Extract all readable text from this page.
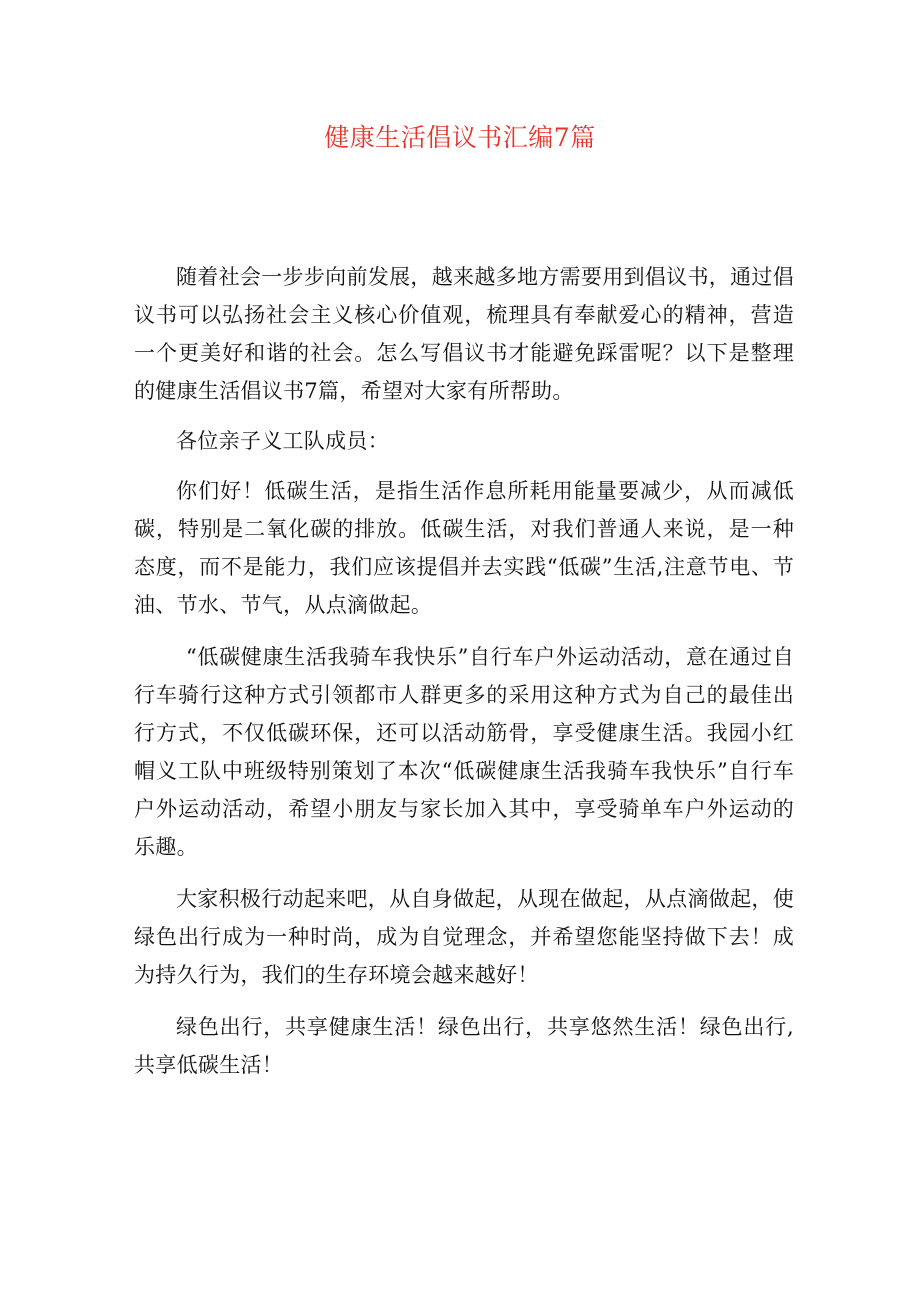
健康生活倡议书汇编7篇

随着社会一步步向前发展，越来越多地方需要用到倡议书，通过倡议书可以弘扬社会主义核心价值观，梳理具有奉献爱心的精神，营造一个更美好和谐的社会。怎么写倡议书才能避免踩雷呢？以下是整理的健康生活倡议书7篇，希望对大家有所帮助。

各位亲子义工队成员：

你们好！低碳生活，是指生活作息所耗用能量要减少，从而减低碳，特别是二氧化碳的排放。低碳生活，对我们普通人来说，是一种态度，而不是能力，我们应该提倡并去实践“低碳”生活,注意节电、节油、节水、节气，从点滴做起。

“低碳健康生活我骑车我快乐”自行车户外运动活动，意在通过自行车骑行这种方式引领都市人群更多的采用这种方式为自己的最佳出行方式，不仅低碳环保，还可以活动筋骨，享受健康生活。我园小红帽义工队中班级特别策划了本次“低碳健康生活我骑车我快乐”自行车户外运动活动，希望小朋友与家长加入其中，享受骑单车户外运动的乐趣。

大家积极行动起来吧，从自身做起，从现在做起，从点滴做起，使绿色出行成为一种时尚，成为自觉理念，并希望您能坚持做下去！成为持久行为，我们的生存环境会越来越好！

绿色出行，共享健康生活！绿色出行，共享悠然生活！绿色出行,共享低碳生活！
